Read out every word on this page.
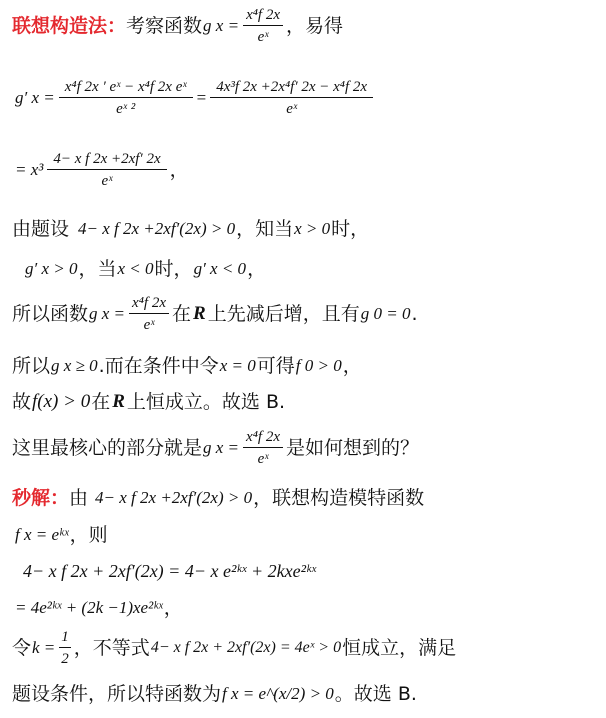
联想构造法： 考察函数 g $x = \frac{\text{x⁴f 2x}}{\text{eˣ}}$ ，易得
g′ $x = \frac{\text{x⁴f 2x ′ eˣ − x⁴f 2x eˣ}}{\text{eˣ ²}} = \frac{\text{4x³f 2x +2x⁴f′ 2x − x⁴f 2x}}{\text{eˣ}}$
= $x^3 \frac{\text{4− x f 2x +2xf′ 2x}}{\text{eˣ}}$ ，
由题设 4− x f 2x +2xf′(2x) > 0 ，知当 x > 0 时，
g′ x > 0 ，当 x < 0 时， g′ x < 0 ，
所以函数 g $x = \frac{\text{x⁴f 2x}}{\text{eˣ}}$ 在 R 上先减后增，且有 g 0 = 0 .
所以 g x ≥ 0 .而在条件中令 x = 0 可得 f 0 > 0 ，
故 f(x) > 0 在 R 上恒成立。故选 B.
这里最核心的部分就是 g $x = \frac{\text{x⁴f 2x}}{\text{eˣ}}$ 是如何想到的？
秒解： 由 4− x f 2x +2xf′(2x) > 0 ，联想构造模特函数
f x = eᵏˣ ，则
4− x f 2x + 2xf′(2x) = 4− x e²ᵏˣ + 2kxe²ᵏˣ
= 4e²ᵏˣ + (2k −1)xe²ᵏˣ ，
令 $k = \frac{1}{2}$ ，不等式 4− x f 2x + 2xf′(2x) = 4eˣ > 0 恒成立，满足
题设条件，所以特函数为 f x = e^(x/2) > 0 。故选 B.
